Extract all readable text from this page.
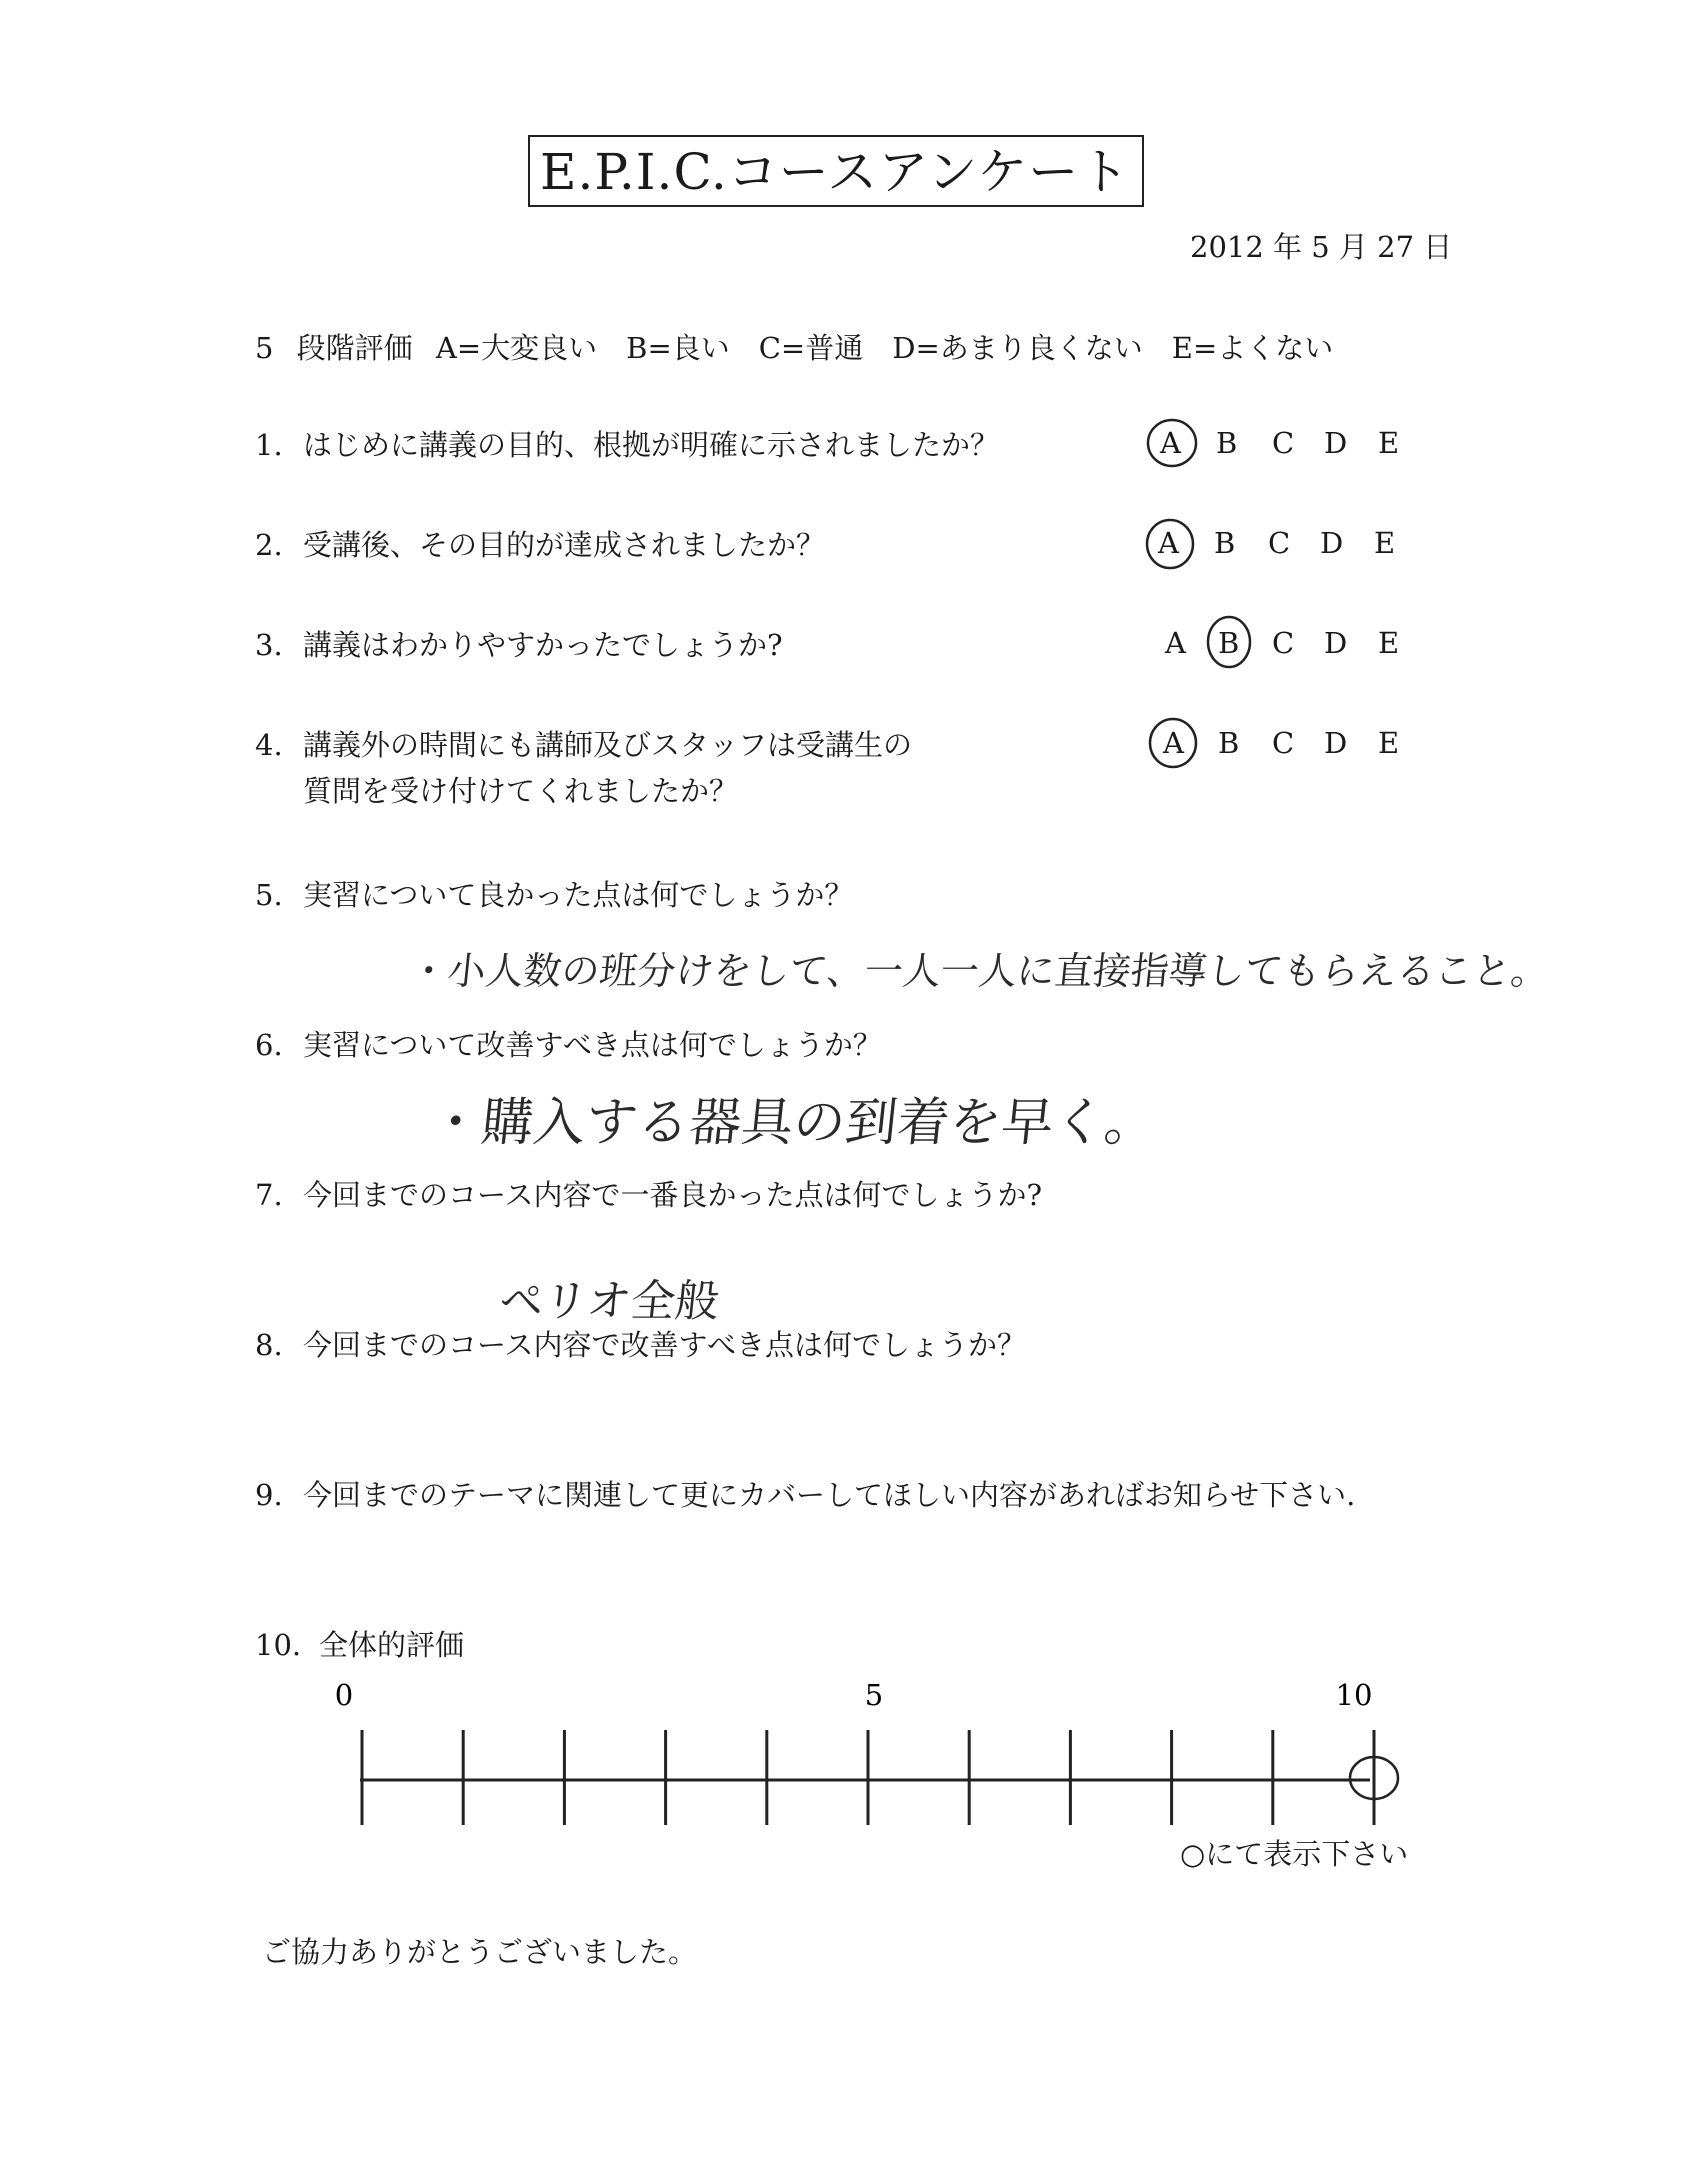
E.P.I.C.コースアンケート
2012 年 5 月 27 日
5 段階評価 A=大変良い　B=良い　C=普通　D=あまり良くない　E=よくない
1. はじめに講義の目的、根拠が明確に示されましたか？	A B C D E
2. 受講後、その目的が達成されましたか？	A B C D E
3. 講義はわかりやすかったでしょうか?	A B C D E
4. 講義外の時間にも講師及びスタッフは受講生の
質問を受け付けてくれましたか？
A B C D E
5. 実習について良かった点は何でしょうか？
・小人数の班分けをして、一人一人に直接指導してもらえること。
6. 実習について改善すべき点は何でしょうか？
・購入する器具の到着を早く。
7. 今回までのコース内容で一番良かった点は何でしょうか?
ペリオ全般
8. 今回までのコース内容で改善すべき点は何でしょうか？
9. 今回までのテーマに関連して更にカバーしてほしい内容があればお知らせ下さい.
10. 全体的評価
0	5	10
○にて表示下さい
ご協力ありがとうございました。
